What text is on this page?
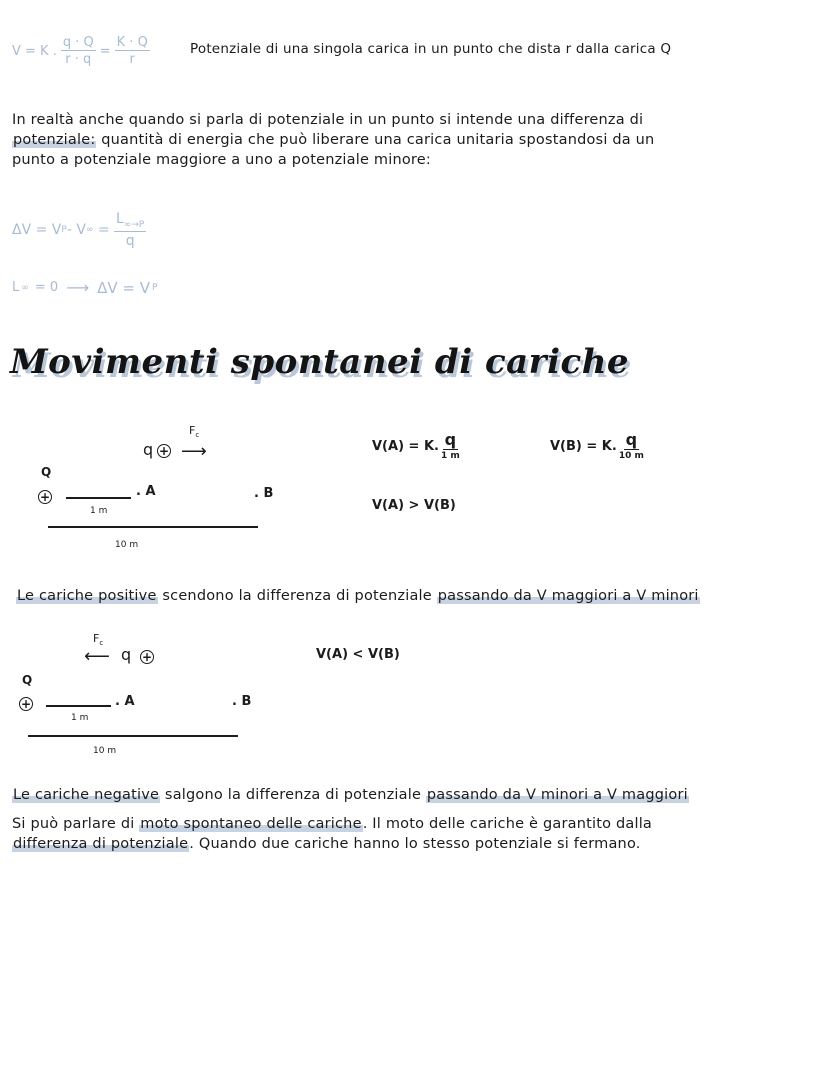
V = K . $\frac{q \cdot Q}{r \cdot q} = \frac{K \cdot Q}{r}$	Potenziale di una singola carica in un punto che dista r dalla carica Q
In realtà anche quando si parla di potenziale in un punto si intende una differenza di
potenziale: quantità di energia che può liberare una carica unitaria spostandosi da un
punto a potenziale maggiore a uno a potenziale minore:
ΔV = V P - V ∞ = $\frac{L_{\infty\to P}}{q}$
L ∞ = 0 ⟶ ΔV = V P
Movimenti spontanei di cariche
q +
$F_c$
⟶
Q
+	. A	. B
1 m
10 m
V(A) = K. $\frac{q}{1 m}$	V(B) = K. $\frac{q}{10 m}$
V(A) > V(B)
Le cariche positive scendono la differenza di potenziale passando da V maggiori a V minori
$F_c$
⟵ q +
Q
+	. A	. B
1 m
10 m
V(A) < V(B)
Le cariche negative salgono la differenza di potenziale passando da V minori a V maggiori
Si può parlare di moto spontaneo delle cariche. Il moto delle cariche è garantito dalla
differenza di potenziale. Quando due cariche hanno lo stesso potenziale si fermano.
